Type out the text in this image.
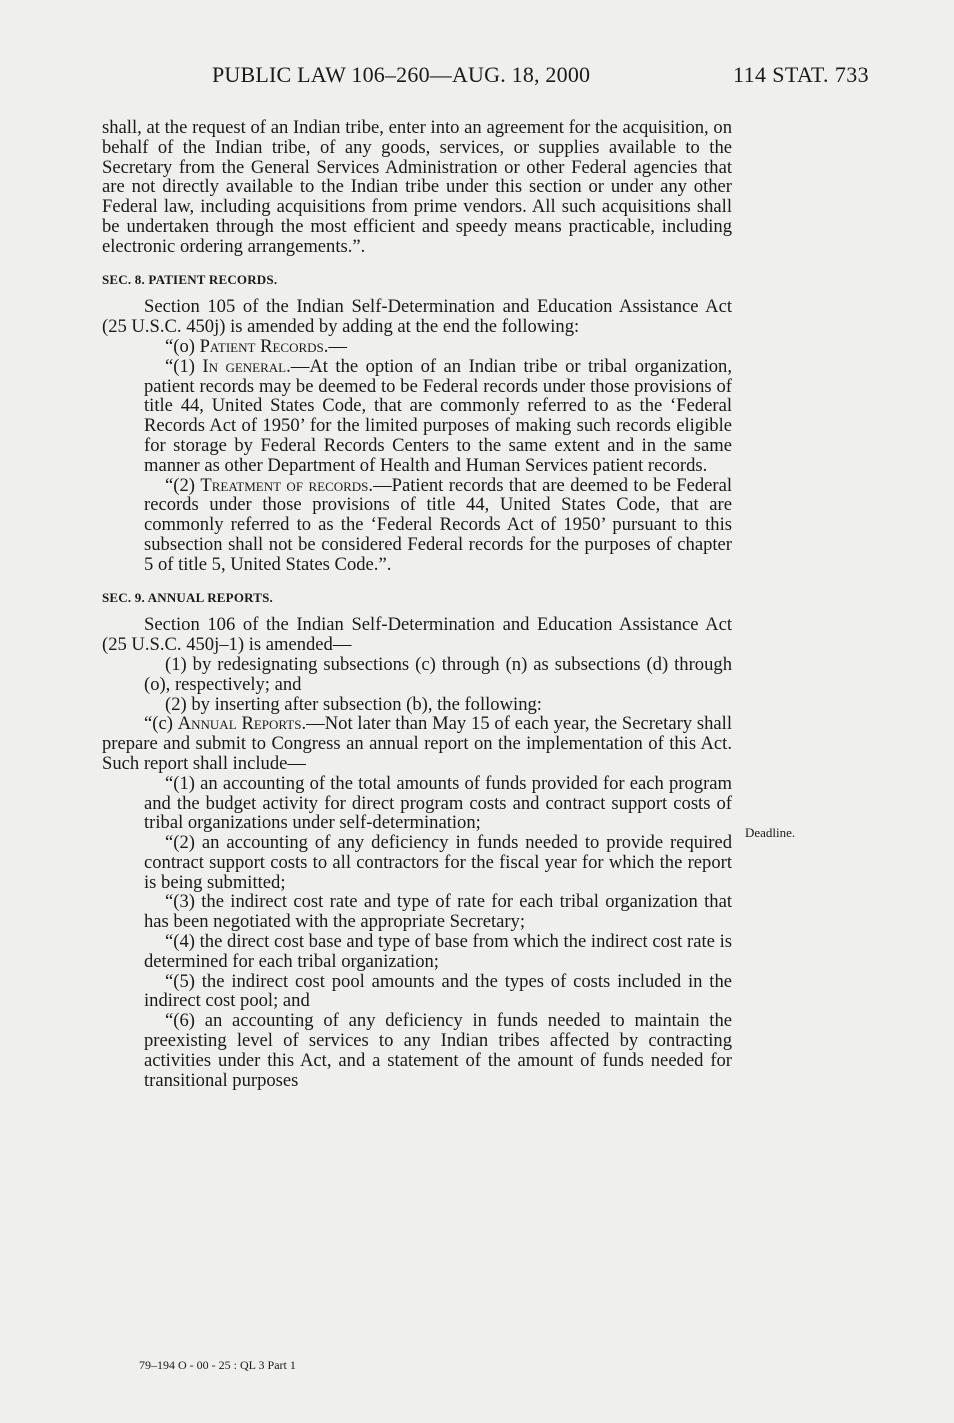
PUBLIC LAW 106–260—AUG. 18, 2000	114 STAT. 733

shall, at the request of an Indian tribe, enter into an agreement for the acquisition, on behalf of the Indian tribe, of any goods, services, or supplies available to the Secretary from the General Services Administration or other Federal agencies that are not directly available to the Indian tribe under this section or under any other Federal law, including acquisitions from prime vendors. All such acquisitions shall be undertaken through the most efficient and speedy means practicable, including electronic ordering arrangements.”.

SEC. 8. PATIENT RECORDS.

Section 105 of the Indian Self-Determination and Education Assistance Act (25 U.S.C. 450j) is amended by adding at the end the following:

“(o) Patient Records.—

“(1) In general.—At the option of an Indian tribe or tribal organization, patient records may be deemed to be Federal records under those provisions of title 44, United States Code, that are commonly referred to as the ‘Federal Records Act of 1950’ for the limited purposes of making such records eligible for storage by Federal Records Centers to the same extent and in the same manner as other Department of Health and Human Services patient records.

“(2) Treatment of records.—Patient records that are deemed to be Federal records under those provisions of title 44, United States Code, that are commonly referred to as the ‘Federal Records Act of 1950’ pursuant to this subsection shall not be considered Federal records for the purposes of chapter 5 of title 5, United States Code.”.

SEC. 9. ANNUAL REPORTS.

Section 106 of the Indian Self-Determination and Education Assistance Act (25 U.S.C. 450j–1) is amended—

(1) by redesignating subsections (c) through (n) as subsections (d) through (o), respectively; and

(2) by inserting after subsection (b), the following:

“(c) Annual Reports.—Not later than May 15 of each year, the Secretary shall prepare and submit to Congress an annual report on the implementation of this Act. Such report shall include—

“(1) an accounting of the total amounts of funds provided for each program and the budget activity for direct program costs and contract support costs of tribal organizations under self-determination;

“(2) an accounting of any deficiency in funds needed to provide required contract support costs to all contractors for the fiscal year for which the report is being submitted;

“(3) the indirect cost rate and type of rate for each tribal organization that has been negotiated with the appropriate Secretary;

“(4) the direct cost base and type of base from which the indirect cost rate is determined for each tribal organization;

“(5) the indirect cost pool amounts and the types of costs included in the indirect cost pool; and

“(6) an accounting of any deficiency in funds needed to maintain the preexisting level of services to any Indian tribes affected by contracting activities under this Act, and a statement of the amount of funds needed for transitional purposes

Deadline.
79–194 O - 00 - 25 : QL 3 Part 1
